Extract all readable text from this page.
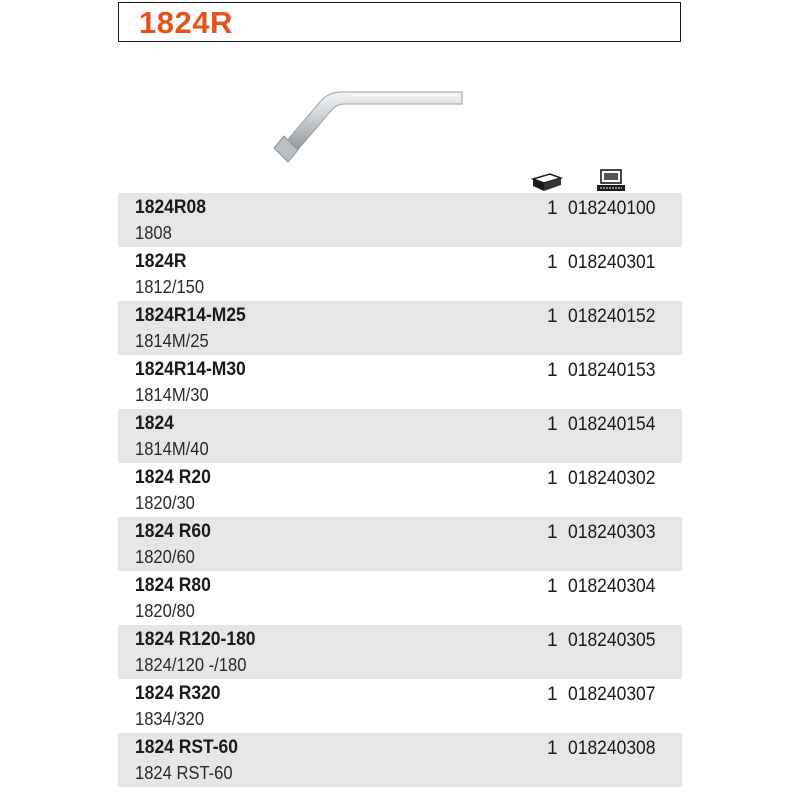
1824R
1824R08
1808
1 018240100
1824R
1812/150
1 018240301
1824R14-M25
1814M/25
1 018240152
1824R14-M30
1814M/30
1 018240153
1824
1814M/40
1 018240154
1824 R20
1820/30
1 018240302
1824 R60
1820/60
1 018240303
1824 R80
1820/80
1 018240304
1824 R120-180
1824/120 -/180
1 018240305
1824 R320
1834/320
1 018240307
1824 RST-60
1824 RST-60
1 018240308
